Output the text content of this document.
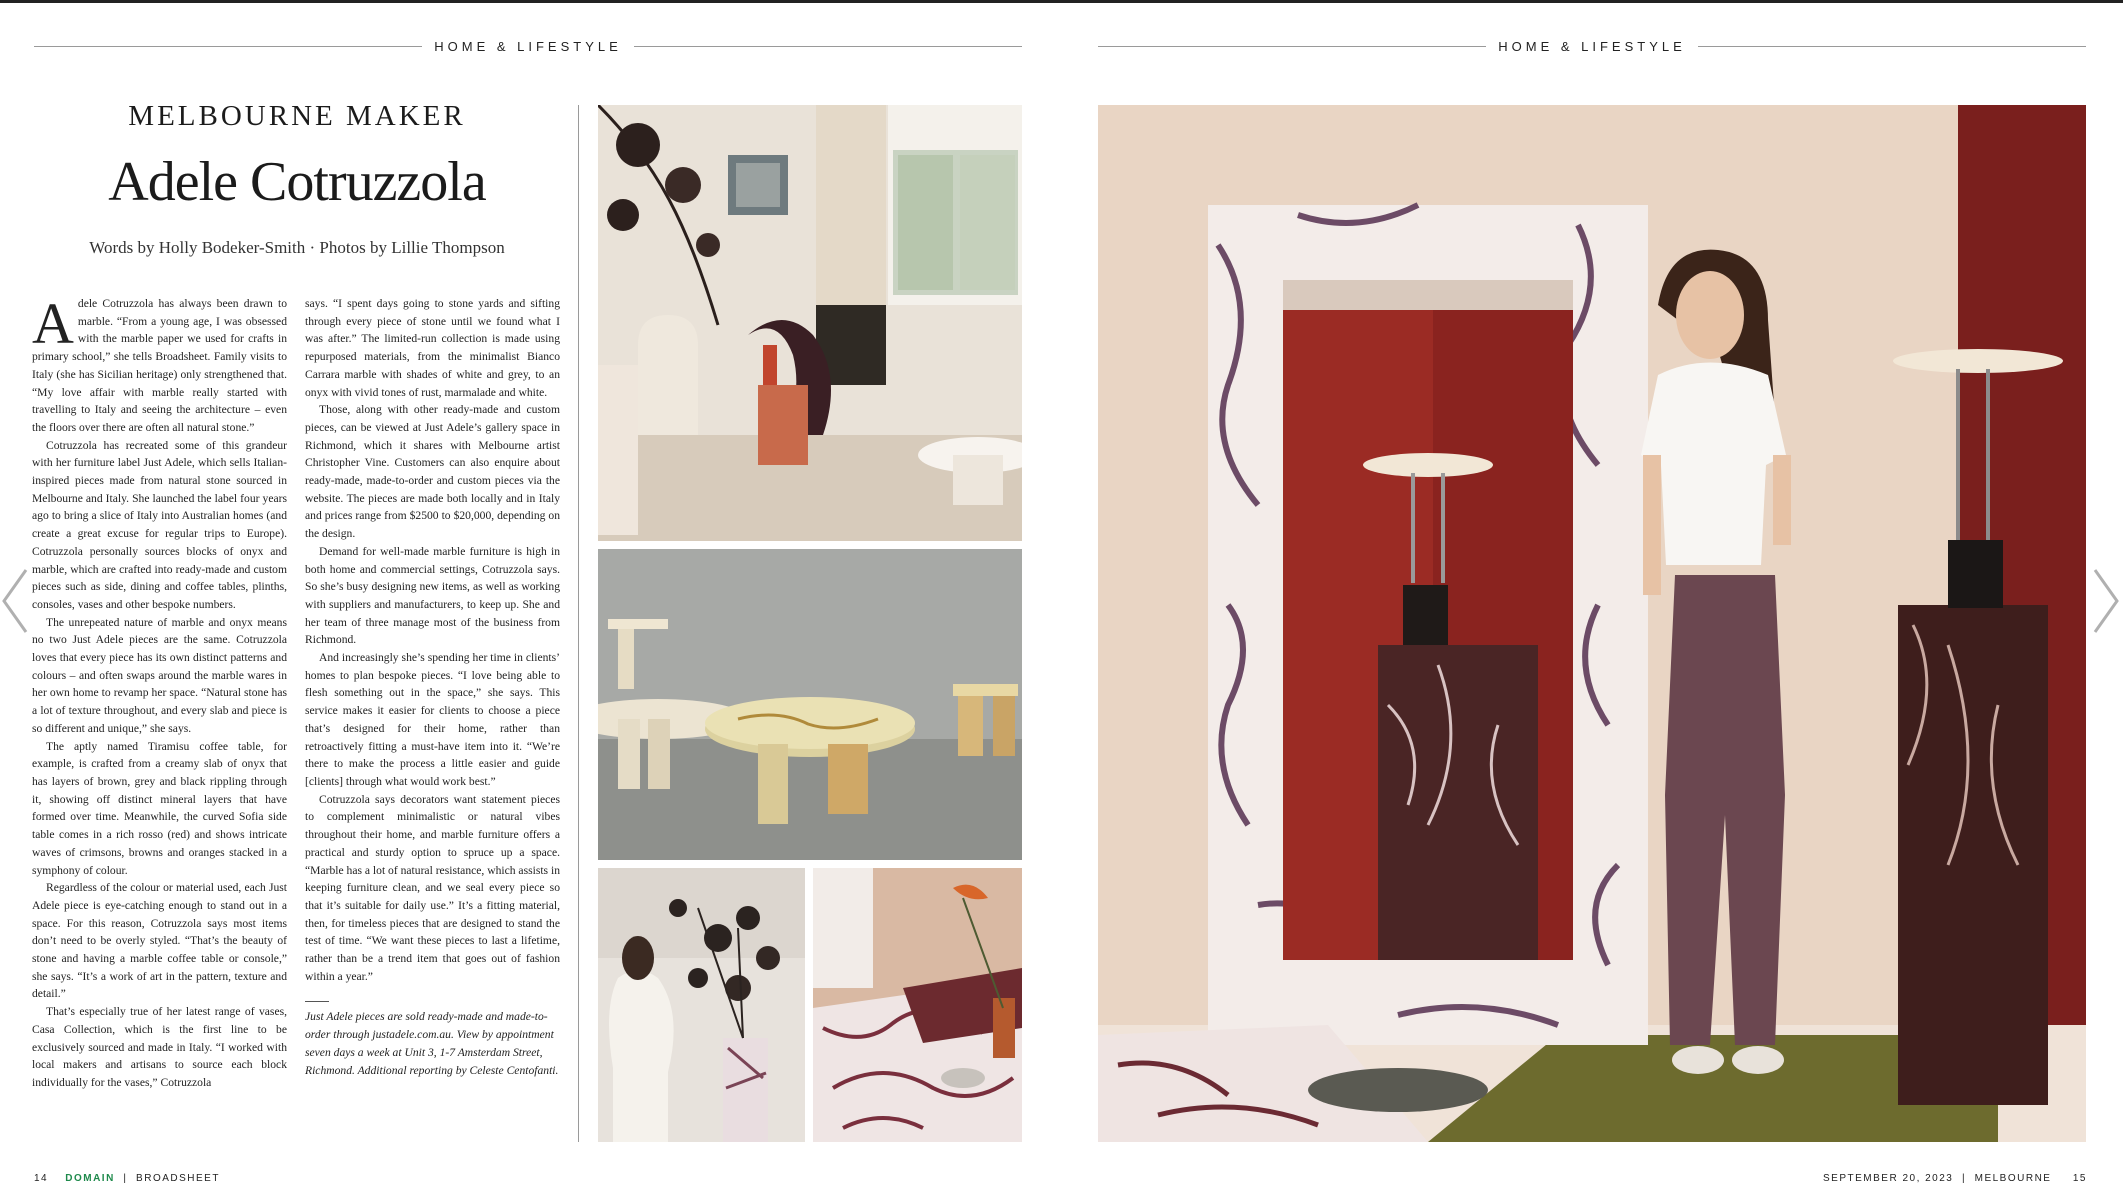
HOME & LIFESTYLE	HOME & LIFESTYLE
MELBOURNE MAKER
Adele Cotruzzola
Words by Holly Bodeker-Smith · Photos by Lillie Thompson

Adele Cotruzzola has always been drawn to marble. “From a young age, I was obsessed with the marble paper we used for crafts in primary school,” she tells Broadsheet. Family visits to Italy (she has Sicilian heritage) only strengthened that. “My love affair with marble really started with travelling to Italy and seeing the architecture – even the floors over there are often all natural stone.”

Cotruzzola has recreated some of this grandeur with her furniture label Just Adele, which sells Italian-inspired pieces made from natural stone sourced in Melbourne and Italy. She launched the label four years ago to bring a slice of Italy into Australian homes (and create a great excuse for regular trips to Europe). Cotruzzola personally sources blocks of onyx and marble, which are crafted into ready-made and custom pieces such as side, dining and coffee tables, plinths, consoles, vases and other bespoke numbers.

The unrepeated nature of marble and onyx means no two Just Adele pieces are the same. Cotruzzola loves that every piece has its own distinct patterns and colours – and often swaps around the marble wares in her own home to revamp her space. “Natural stone has a lot of texture throughout, and every slab and piece is so different and unique,” she says.

The aptly named Tiramisu coffee table, for example, is crafted from a creamy slab of onyx that has layers of brown, grey and black rippling through it, showing off distinct mineral layers that have formed over time. Meanwhile, the curved Sofia side table comes in a rich rosso (red) and shows intricate waves of crimsons, browns and oranges stacked in a symphony of colour.

Regardless of the colour or material used, each Just Adele piece is eye-catching enough to stand out in a space. For this reason, Cotruzzola says most items don’t need to be overly styled. “That’s the beauty of stone and having a marble coffee table or console,” she says. “It’s a work of art in the pattern, texture and detail.”

That’s especially true of her latest range of vases, Casa Collection, which is the first line to be exclusively sourced and made in Italy. “I worked with local makers and artisans to source each block individually for the vases,” Cotruzzola

says. “I spent days going to stone yards and sifting through every piece of stone until we found what I was after.” The limited-run collection is made using repurposed materials, from the minimalist Bianco Carrara marble with shades of white and grey, to an onyx with vivid tones of rust, marmalade and white.

Those, along with other ready-made and custom pieces, can be viewed at Just Adele’s gallery space in Richmond, which it shares with Melbourne artist Christopher Vine. Customers can also enquire about ready-made, made-to-order and custom pieces via the website. The pieces are made both locally and in Italy and prices range from $2500 to $20,000, depending on the design.

Demand for well-made marble furniture is high in both home and commercial settings, Cotruzzola says. So she’s busy designing new items, as well as working with suppliers and manufacturers, to keep up. She and her team of three manage most of the business from Richmond.

And increasingly she’s spending her time in clients’ homes to plan bespoke pieces. “I love being able to flesh something out in the space,” she says. This service makes it easier for clients to choose a piece that’s designed for their home, rather than retroactively fitting a must-have item into it. “We’re there to make the process a little easier and guide [clients] through what would work best.”

Cotruzzola says decorators want statement pieces to complement minimalistic or natural vibes throughout their home, and marble furniture offers a practical and sturdy option to spruce up a space. “Marble has a lot of natural resistance, which assists in keeping furniture clean, and we seal every piece so that it’s suitable for daily use.” It’s a fitting material, then, for timeless pieces that are designed to stand the test of time. “We want these pieces to last a lifetime, rather than be a trend item that goes out of fashion within a year.”

Just Adele pieces are sold ready-made and made-to-order through justadele.com.au. View by appointment seven days a week at Unit 3, 1-7 Amsterdam Street, Richmond. Additional reporting by Celeste Centofanti.

14 DOMAIN | BROADSHEET	SEPTEMBER 20, 2023 | MELBOURNE 15
